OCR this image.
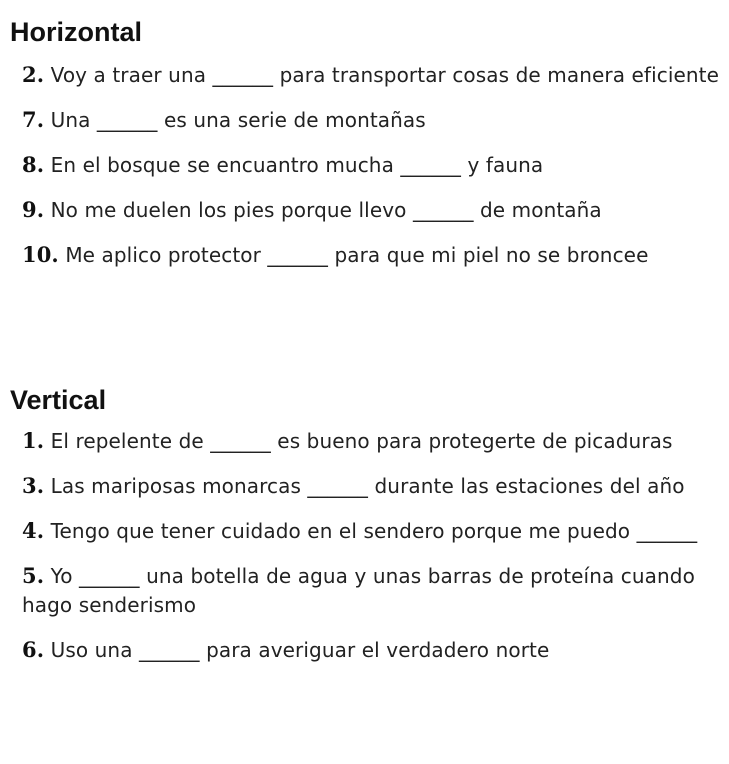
Horizontal
2. Voy a traer una ______ para transportar cosas de manera eficiente
7. Una ______ es una serie de montañas
8. En el bosque se encuantro mucha ______ y fauna
9. No me duelen los pies porque llevo ______ de montaña
10. Me aplico protector ______ para que mi piel no se broncee
Vertical
1. El repelente de ______ es bueno para protegerte de picaduras
3. Las mariposas monarcas ______ durante las estaciones del año
4. Tengo que tener cuidado en el sendero porque me puedo ______
5. Yo ______ una botella de agua y unas barras de proteína cuando hago senderismo
6. Uso una ______ para averiguar el verdadero norte
